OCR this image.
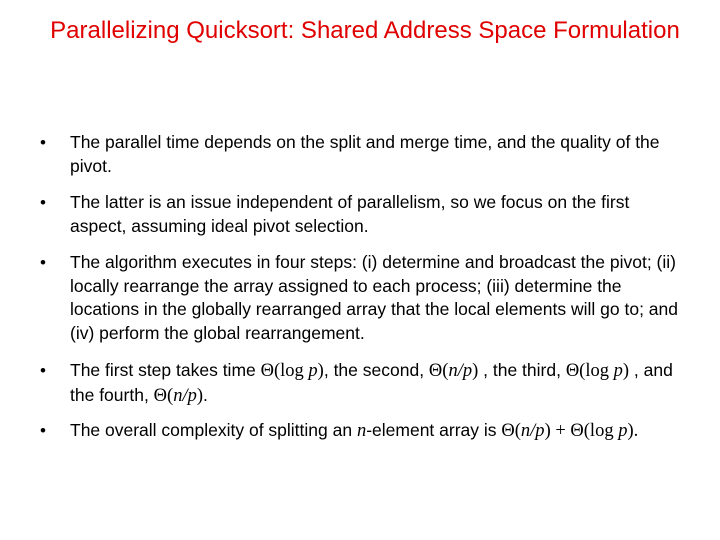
Parallelizing Quicksort: Shared Address Space Formulation
• The parallel time depends on the split and merge time, and the quality of the pivot.
• The latter is an issue independent of parallelism, so we focus on the first aspect, assuming ideal pivot selection.
• The algorithm executes in four steps: (i) determine and broadcast the pivot; (ii) locally rearrange the array assigned to each process; (iii) determine the locations in the globally rearranged array that the local elements will go to; and (iv) perform the global rearrangement.
• The first step takes time Θ(log p), the second, Θ(n/p) , the third, Θ(log p) , and the fourth, Θ(n/p).
• The overall complexity of splitting an n-element array is Θ(n/p) + Θ(log p).
